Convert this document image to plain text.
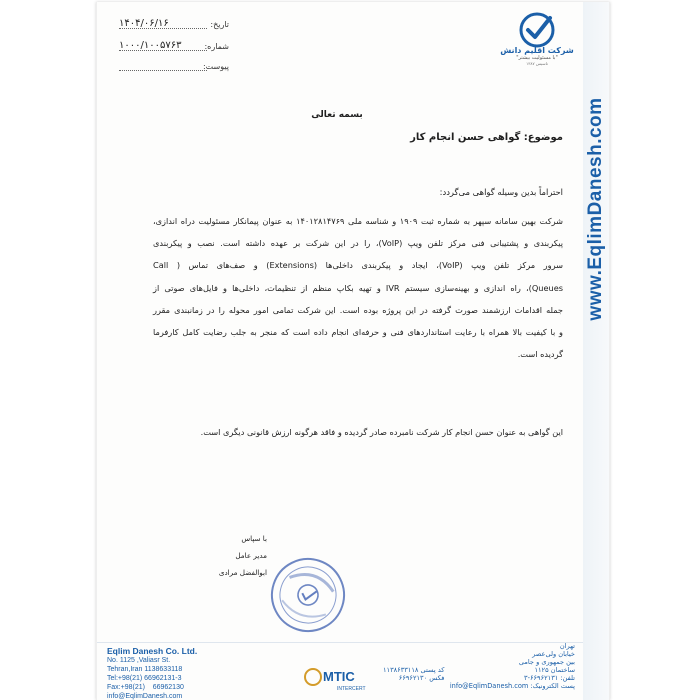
www.EqlimDanesh.com
تاریخ:
۱۴۰۴/۰۶/۱۶
شماره:
۱۰۰۰/۱۰۰۵۷۶۳
پیوست:
شرکت اقلیم دانش
"با مسئولیت بیشتر"
تاسیس ۱۳۸۷
بسمه تعالی
موضوع: گواهی حسن انجام کار
احتراماً بدین وسیله گواهی می‌گردد:
شرکت بهین سامانه سپهر به شماره ثبت ۱۹۰۹ و شناسه ملی ۱۴۰۱۲۸۱۴۷۶۹ به عنوان پیمانکار مسئولیت دراه اندازی،
پیکربندی و پشتیبانی فنی مرکز تلفن ویپ (VoIP)، را در این شرکت بر عهده داشته است. نصب و پیکربندی
سرور مرکز تلفن ویپ (VoIP)، ایجاد و پیکربندی داخلی‌ها (Extensions) و صف‌های تماس ( Call
Queues)، راه اندازی و بهینه‌سازی سیستم IVR و تهیه بکاپ منظم از تنظیمات، داخلی‌ها و فایل‌های صوتی از
جمله اقدامات ارزشمند صورت گرفته در این پروژه بوده است. این شرکت تمامی امور محوله را در زمانبندی مقرر
و با کیفیت بالا همراه با رعایت استانداردهای فنی و حرفه‌ای انجام داده است که منجر به جلب رضایت کامل کارفرما
گردیده است.
این گواهی به عنوان حسن انجام کار شرکت نامبرده صادر گردیده و فاقد هرگونه ارزش قانونی دیگری است.
با سپاس
مدیر عامل
ابوالفضل مرادی
Eqlim Danesh Co. Ltd.
No. 1125 ,Valiasr St.
Tehran,Iran 1138633118
Tel:+98(21) 66962131-3
Fax:+98(21)    66962130
info@EqlimDanesh.com
MTIC
INTERCERT
کد پستی ۱۱۳۸۶۳۳۱۱۸
فکس ۶۶۹۶۲۱۳۰
تهران
خیابان ولی‌عصر
بین جمهوری و جامی
ساختمان ۱۱۲۵
تلفن: ۶۶۹۶۲۱۳۱-۳
پست الکترونیک: info@EqlimDanesh.com
